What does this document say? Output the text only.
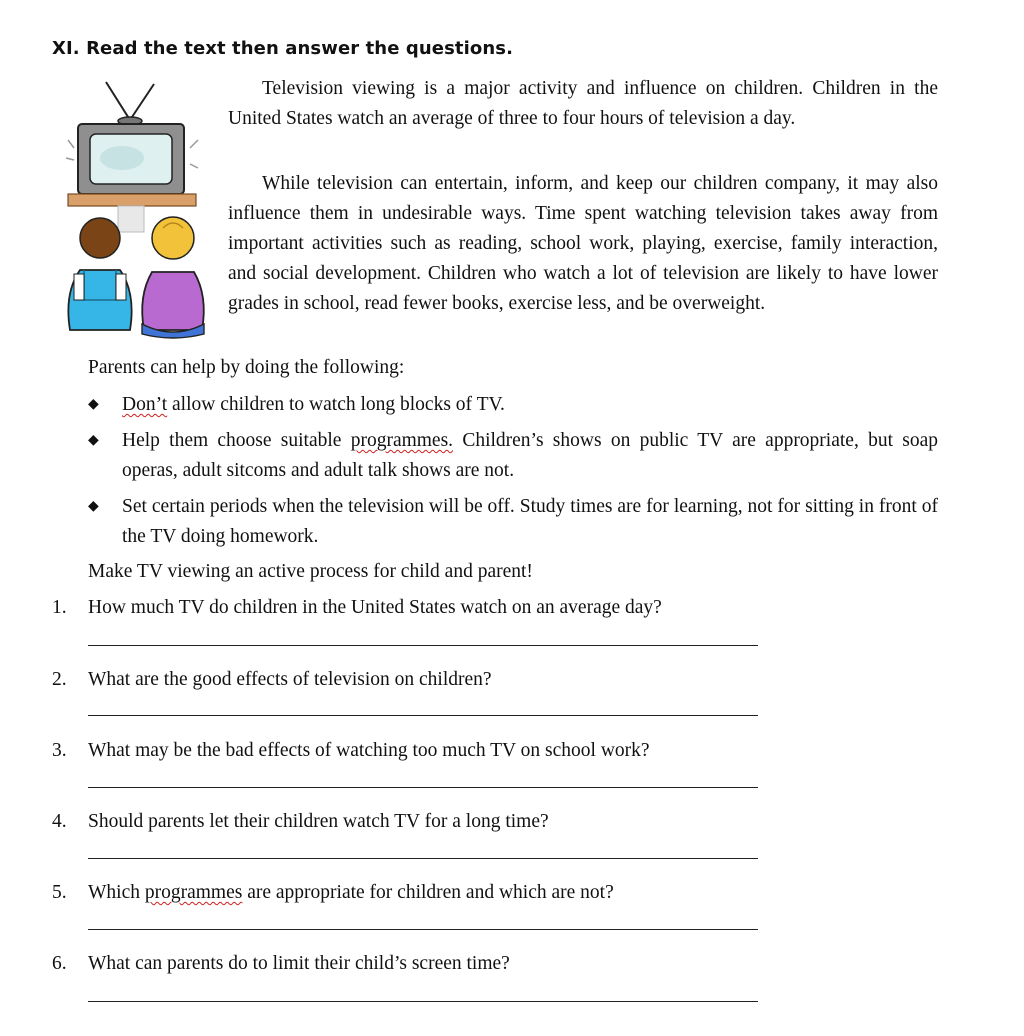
XI. Read the text then answer the questions.
Television viewing is a major activity and influence on children. Children in the United States watch an average of three to four hours of television a day.
While television can entertain, inform, and keep our children company, it may also influence them in undesirable ways. Time spent watching television takes away from important activities such as reading, school work, playing, exercise, family interaction, and social development. Children who watch a lot of television are likely to have lower grades in school, read fewer books, exercise less, and be overweight.
Parents can help by doing the following:
◆ Don’t allow children to watch long blocks of TV.
◆ Help them choose suitable programmes. Children’s shows on public TV are appropriate, but soap operas, adult sitcoms and adult talk shows are not.
◆ Set certain periods when the television will be off. Study times are for learning, not for sitting in front of the TV doing homework.
Make TV viewing an active process for child and parent!
1.	How much TV do children in the United States watch on an average day?
2.	What are the good effects of television on children?
3.	What may be the bad effects of watching too much TV on school work?
4.	Should parents let their children watch TV for a long time?
5.	Which programmes are appropriate for children and which are not?
6.	What can parents do to limit their child’s screen time?
